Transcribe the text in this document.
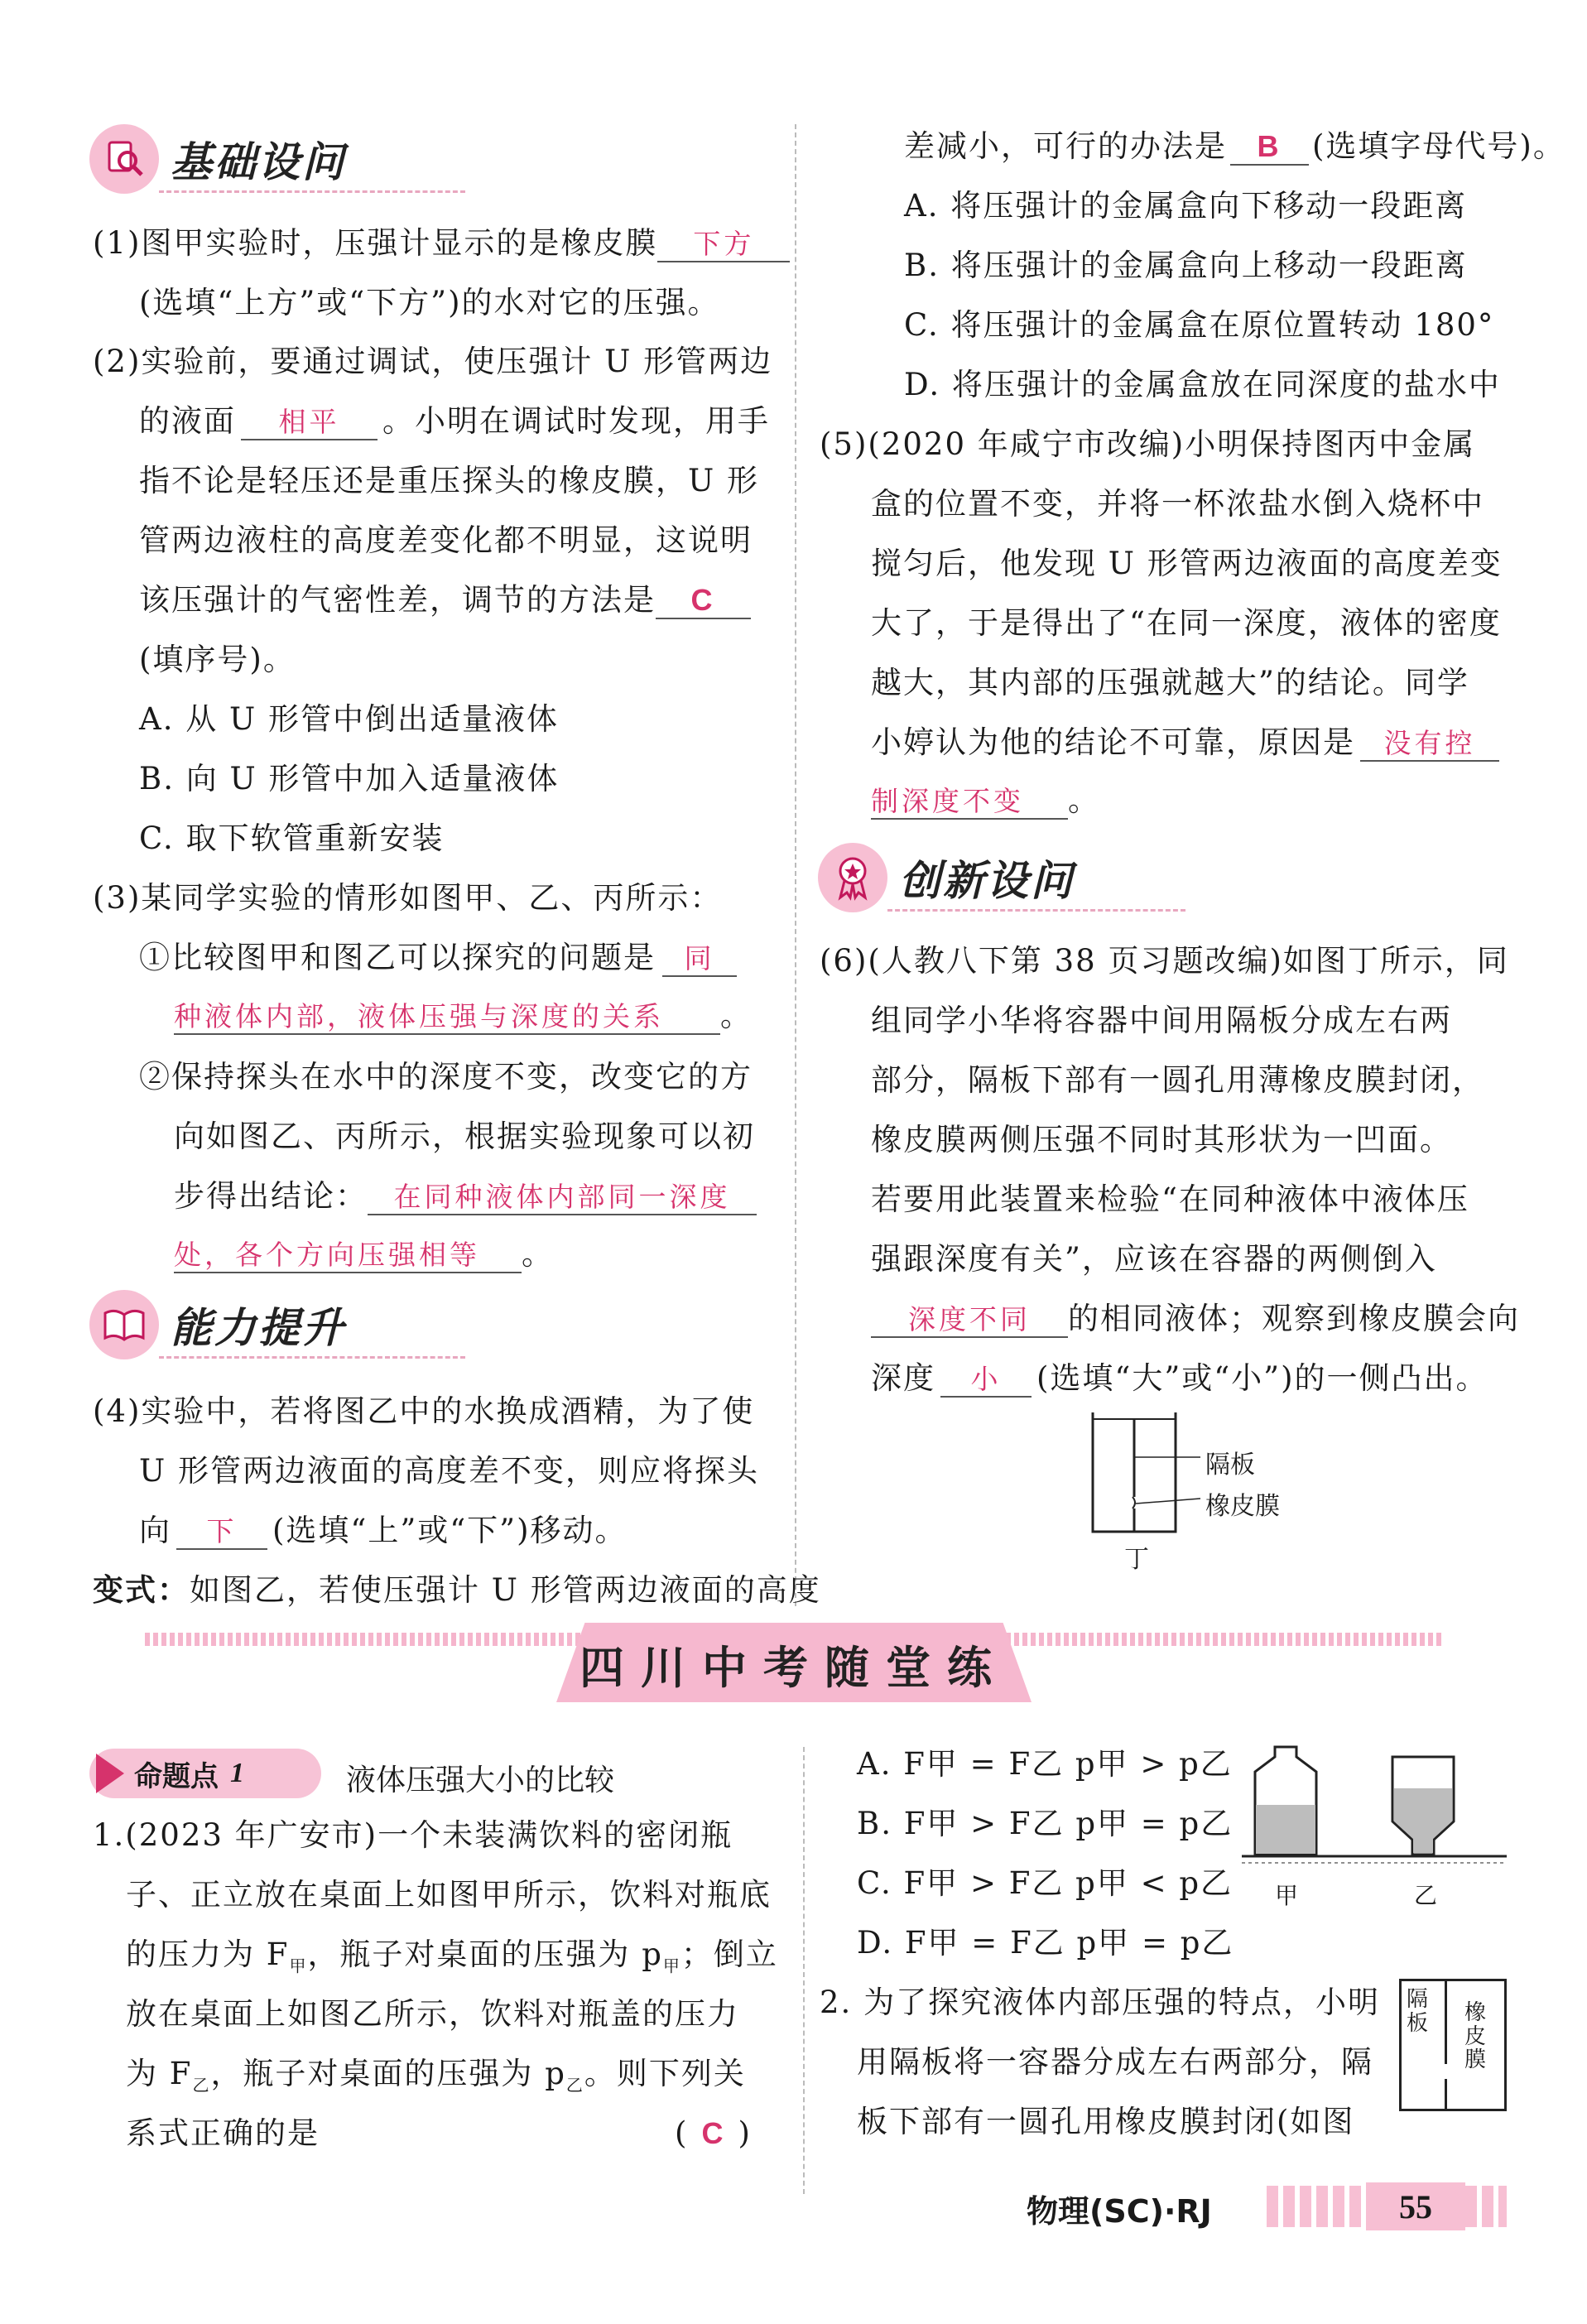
基础设问
(1)图甲实验时，压强计显示的是橡皮膜 下方
(选填“上方”或“下方”)的水对它的压强。
(2)实验前，要通过调试，使压强计 U 形管两边
的液面 相平 。小明在调试时发现，用手
指不论是轻压还是重压探头的橡皮膜，U 形
管两边液柱的高度差变化都不明显，这说明
该压强计的气密性差，调节的方法是 C
(填序号)。
A. 从 U 形管中倒出适量液体
B. 向 U 形管中加入适量液体
C. 取下软管重新安装
(3)某同学实验的情形如图甲、乙、丙所示：
①比较图甲和图乙可以探究的问题是 同
种液体内部，液体压强与深度的关系 。
②保持探头在水中的深度不变，改变它的方
向如图乙、丙所示，根据实验现象可以初
步得出结论： 在同种液体内部同一深度
处，各个方向压强相等 。
能力提升
(4)实验中，若将图乙中的水换成酒精，为了使
U 形管两边液面的高度差不变，则应将探头
向 下 (选填“上”或“下”)移动。
变式：如图乙，若使压强计 U 形管两边液面的高度
差减小，可行的办法是 B (选填字母代号)。
A. 将压强计的金属盒向下移动一段距离
B. 将压强计的金属盒向上移动一段距离
C. 将压强计的金属盒在原位置转动 180°
D. 将压强计的金属盒放在同深度的盐水中
(5)(2020 年咸宁市改编)小明保持图丙中金属
盒的位置不变，并将一杯浓盐水倒入烧杯中
搅匀后，他发现 U 形管两边液面的高度差变
大了，于是得出了“在同一深度，液体的密度
越大，其内部的压强就越大”的结论。同学
小婷认为他的结论不可靠，原因是 没有控
制深度不变 。
创新设问
(6)(人教八下第 38 页习题改编)如图丁所示，同
组同学小华将容器中间用隔板分成左右两
部分，隔板下部有一圆孔用薄橡皮膜封闭，
橡皮膜两侧压强不同时其形状为一凹面。
若要用此装置来检验“在同种液体中液体压
强跟深度有关”，应该在容器的两侧倒入
深度不同 的相同液体；观察到橡皮膜会向
深度 小 (选填“大”或“小”)的一侧凸出。
隔板
橡皮膜
丁
四川中考随堂练
命题点 1	液体压强大小的比较
1.(2023 年广安市)一个未装满饮料的密闭瓶
子、正立放在桌面上如图甲所示，饮料对瓶底
的压力为 $F_甲$，瓶子对桌面的压强为 $p_甲$；倒立
放在桌面上如图乙所示，饮料对瓶盖的压力
为 $F_乙$，瓶子对桌面的压强为 $p_乙$。则下列关
系式正确的是	( C )
A. F甲 = F乙 p甲 > p乙
B. F甲 > F乙 p甲 = p乙
C. F甲 > F乙 p甲 < p乙
D. F甲 = F乙 p甲 = p乙
甲	乙
2. 为了探究液体内部压强的特点，小明
用隔板将一容器分成左右两部分，隔
板下部有一圆孔用橡皮膜封闭(如图
隔板 橡皮膜
物理(SC)·RJ	55
